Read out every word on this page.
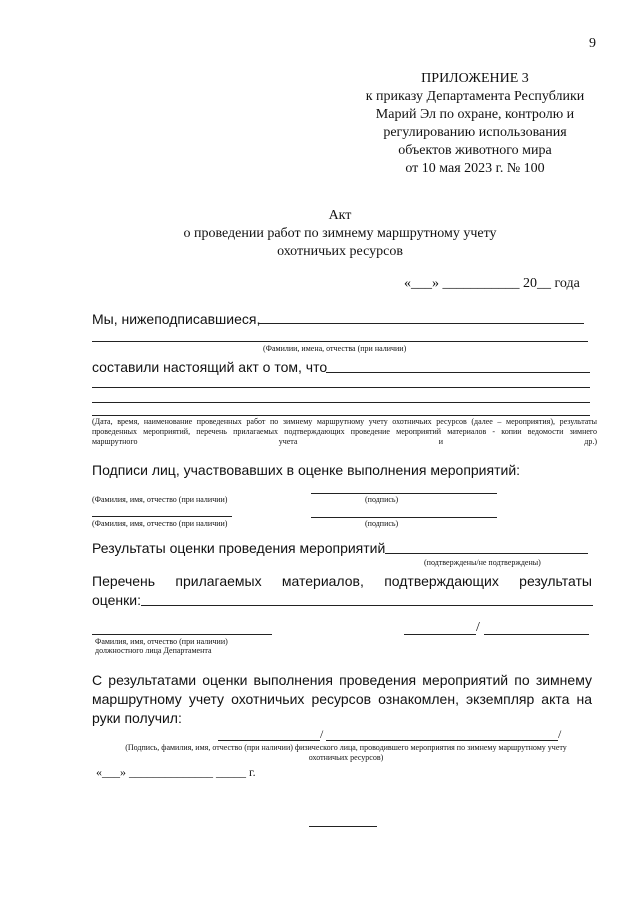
9
ПРИЛОЖЕНИЕ 3
к приказу Департамента Республики
Марий Эл по охране, контролю и
регулированию использования
объектов животного мира
от 10 мая 2023 г. № 100
Акт
о проведении работ по зимнему маршрутному учету
охотничьих ресурсов
«___» ___________ 20__ года
Мы, нижеподписавшиеся,
(Фамилии, имена, отчества (при наличии)
составили настоящий акт о том, что
(Дата, время, наименование проведенных работ по зимнему маршрутному учету охотничьих ресурсов (далее – мероприятия), результаты проведенных мероприятий, перечень прилагаемых подтверждающих проведение мероприятий материалов - копии ведомости зимнего маршрутного учета и др.)
Подписи лиц, участвовавших в оценке выполнения мероприятий:
(Фамилия, имя, отчество (при наличии)	(подпись)
(Фамилия, имя, отчество (при наличии)	(подпись)
Результаты оценки проведения мероприятий
(подтверждены/не подтверждены)
Перечень прилагаемых материалов, подтверждающих результаты
оценки:
Фамилия, имя, отчество (при наличии)
должностного лица Департамента
/
С результатами оценки выполнения проведения мероприятий по зимнему маршрутному учету охотничьих ресурсов ознакомлен, экземпляр акта на руки получил:
/	/
(Подпись, фамилия, имя, отчество (при наличии) физического лица, проводившего мероприятия по зимнему маршрутному учету
охотничьих ресурсов)
«___» ______________ _____ г.
